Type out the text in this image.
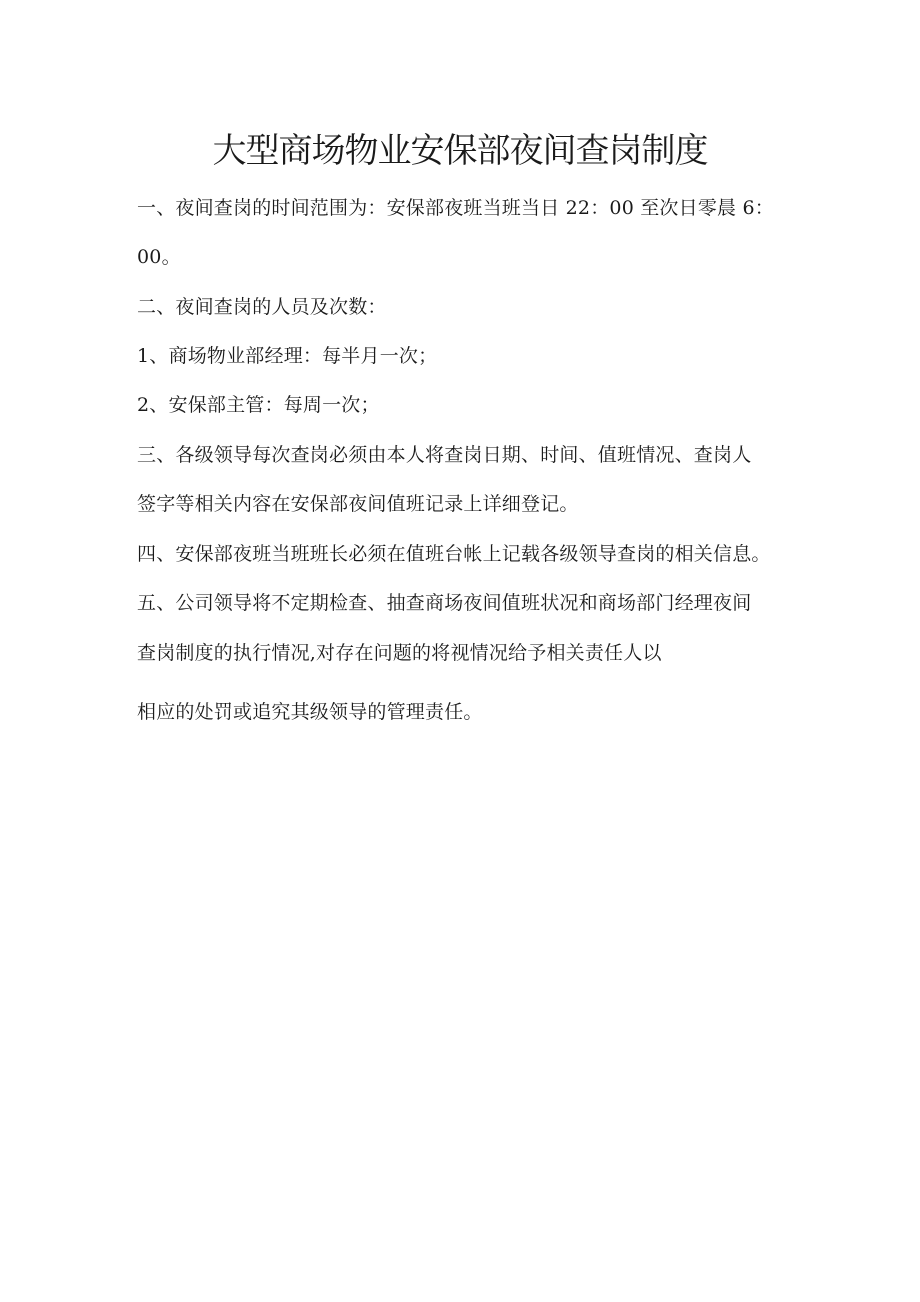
大型商场物业安保部夜间查岗制度
一、夜间查岗的时间范围为：安保部夜班当班当日 22：00 至次日零晨 6：
00。
二、夜间查岗的人员及次数：
1、商场物业部经理：每半月一次；
2、安保部主管：每周一次；
三、各级领导每次查岗必须由本人将查岗日期、时间、值班情况、查岗人
签字等相关内容在安保部夜间值班记录上详细登记。
四、安保部夜班当班班长必须在值班台帐上记载各级领导查岗的相关信息。
五、公司领导将不定期检查、抽查商场夜间值班状况和商场部门经理夜间
查岗制度的执行情况,对存在问题的将视情况给予相关责任人以
相应的处罚或追究其级领导的管理责任。
